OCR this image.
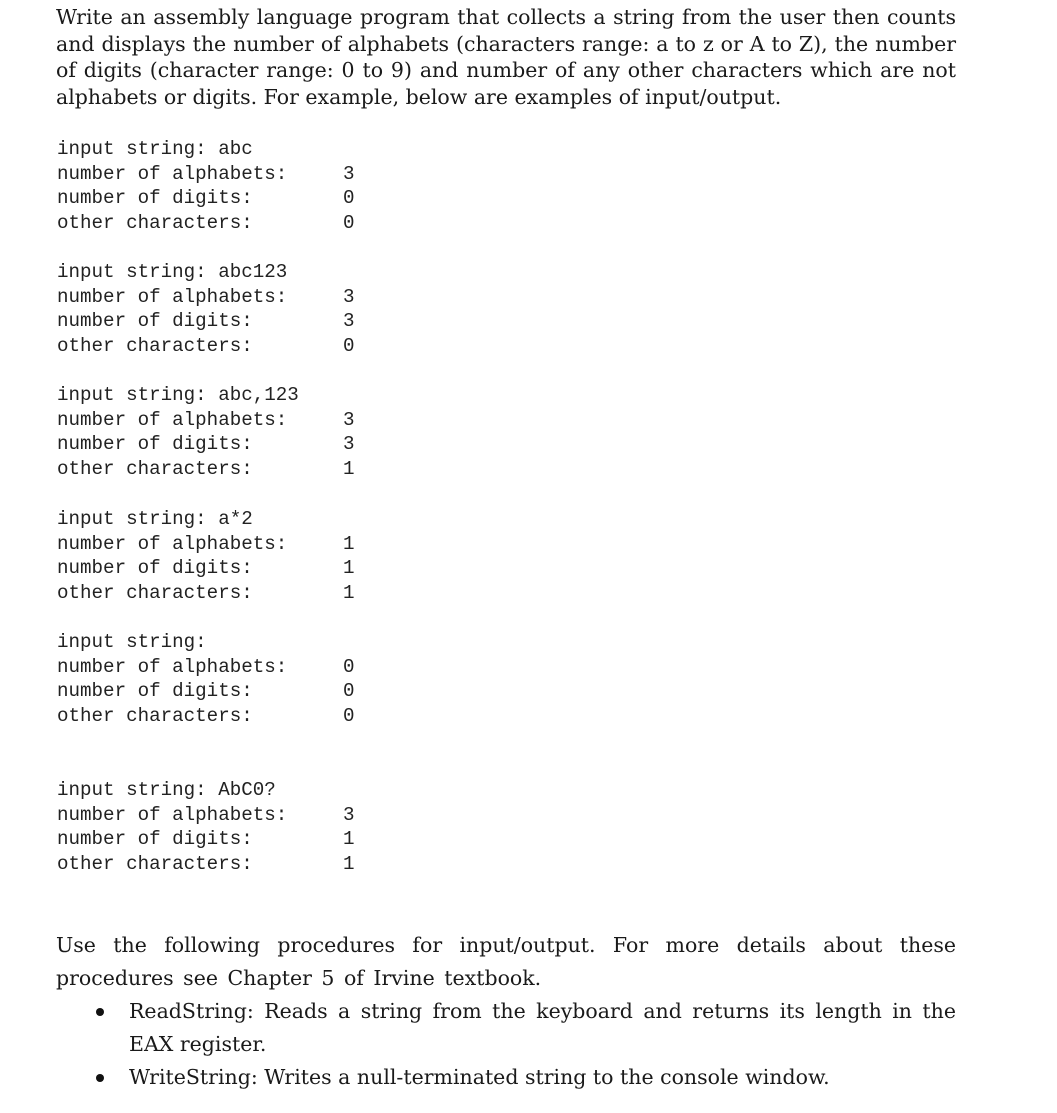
Write an assembly language program that collects a string from the user then counts and displays the number of alphabets (characters range: a to z or A to Z), the number of digits (character range: 0 to 9) and number of any other characters which are not alphabets or digits. For example, below are examples of input/output.

input string: abc
number of alphabets:	3
number of digits:	0
other characters:	0
input string: abc123
number of alphabets:	3
number of digits:	3
other characters:	0
input string: abc,123
number of alphabets:	3
number of digits:	3
other characters:	1
input string: a*2
number of alphabets:	1
number of digits:	1
other characters:	1
input string:
number of alphabets:	0
number of digits:	0
other characters:	0
input string: AbC0?
number of alphabets:	3
number of digits:	1
other characters:	1

Use the following procedures for input/output. For more details about these procedures see Chapter 5 of Irvine textbook.

ReadString: Reads a string from the keyboard and returns its length in the EAX register.
WriteString: Writes a null-terminated string to the console window.
